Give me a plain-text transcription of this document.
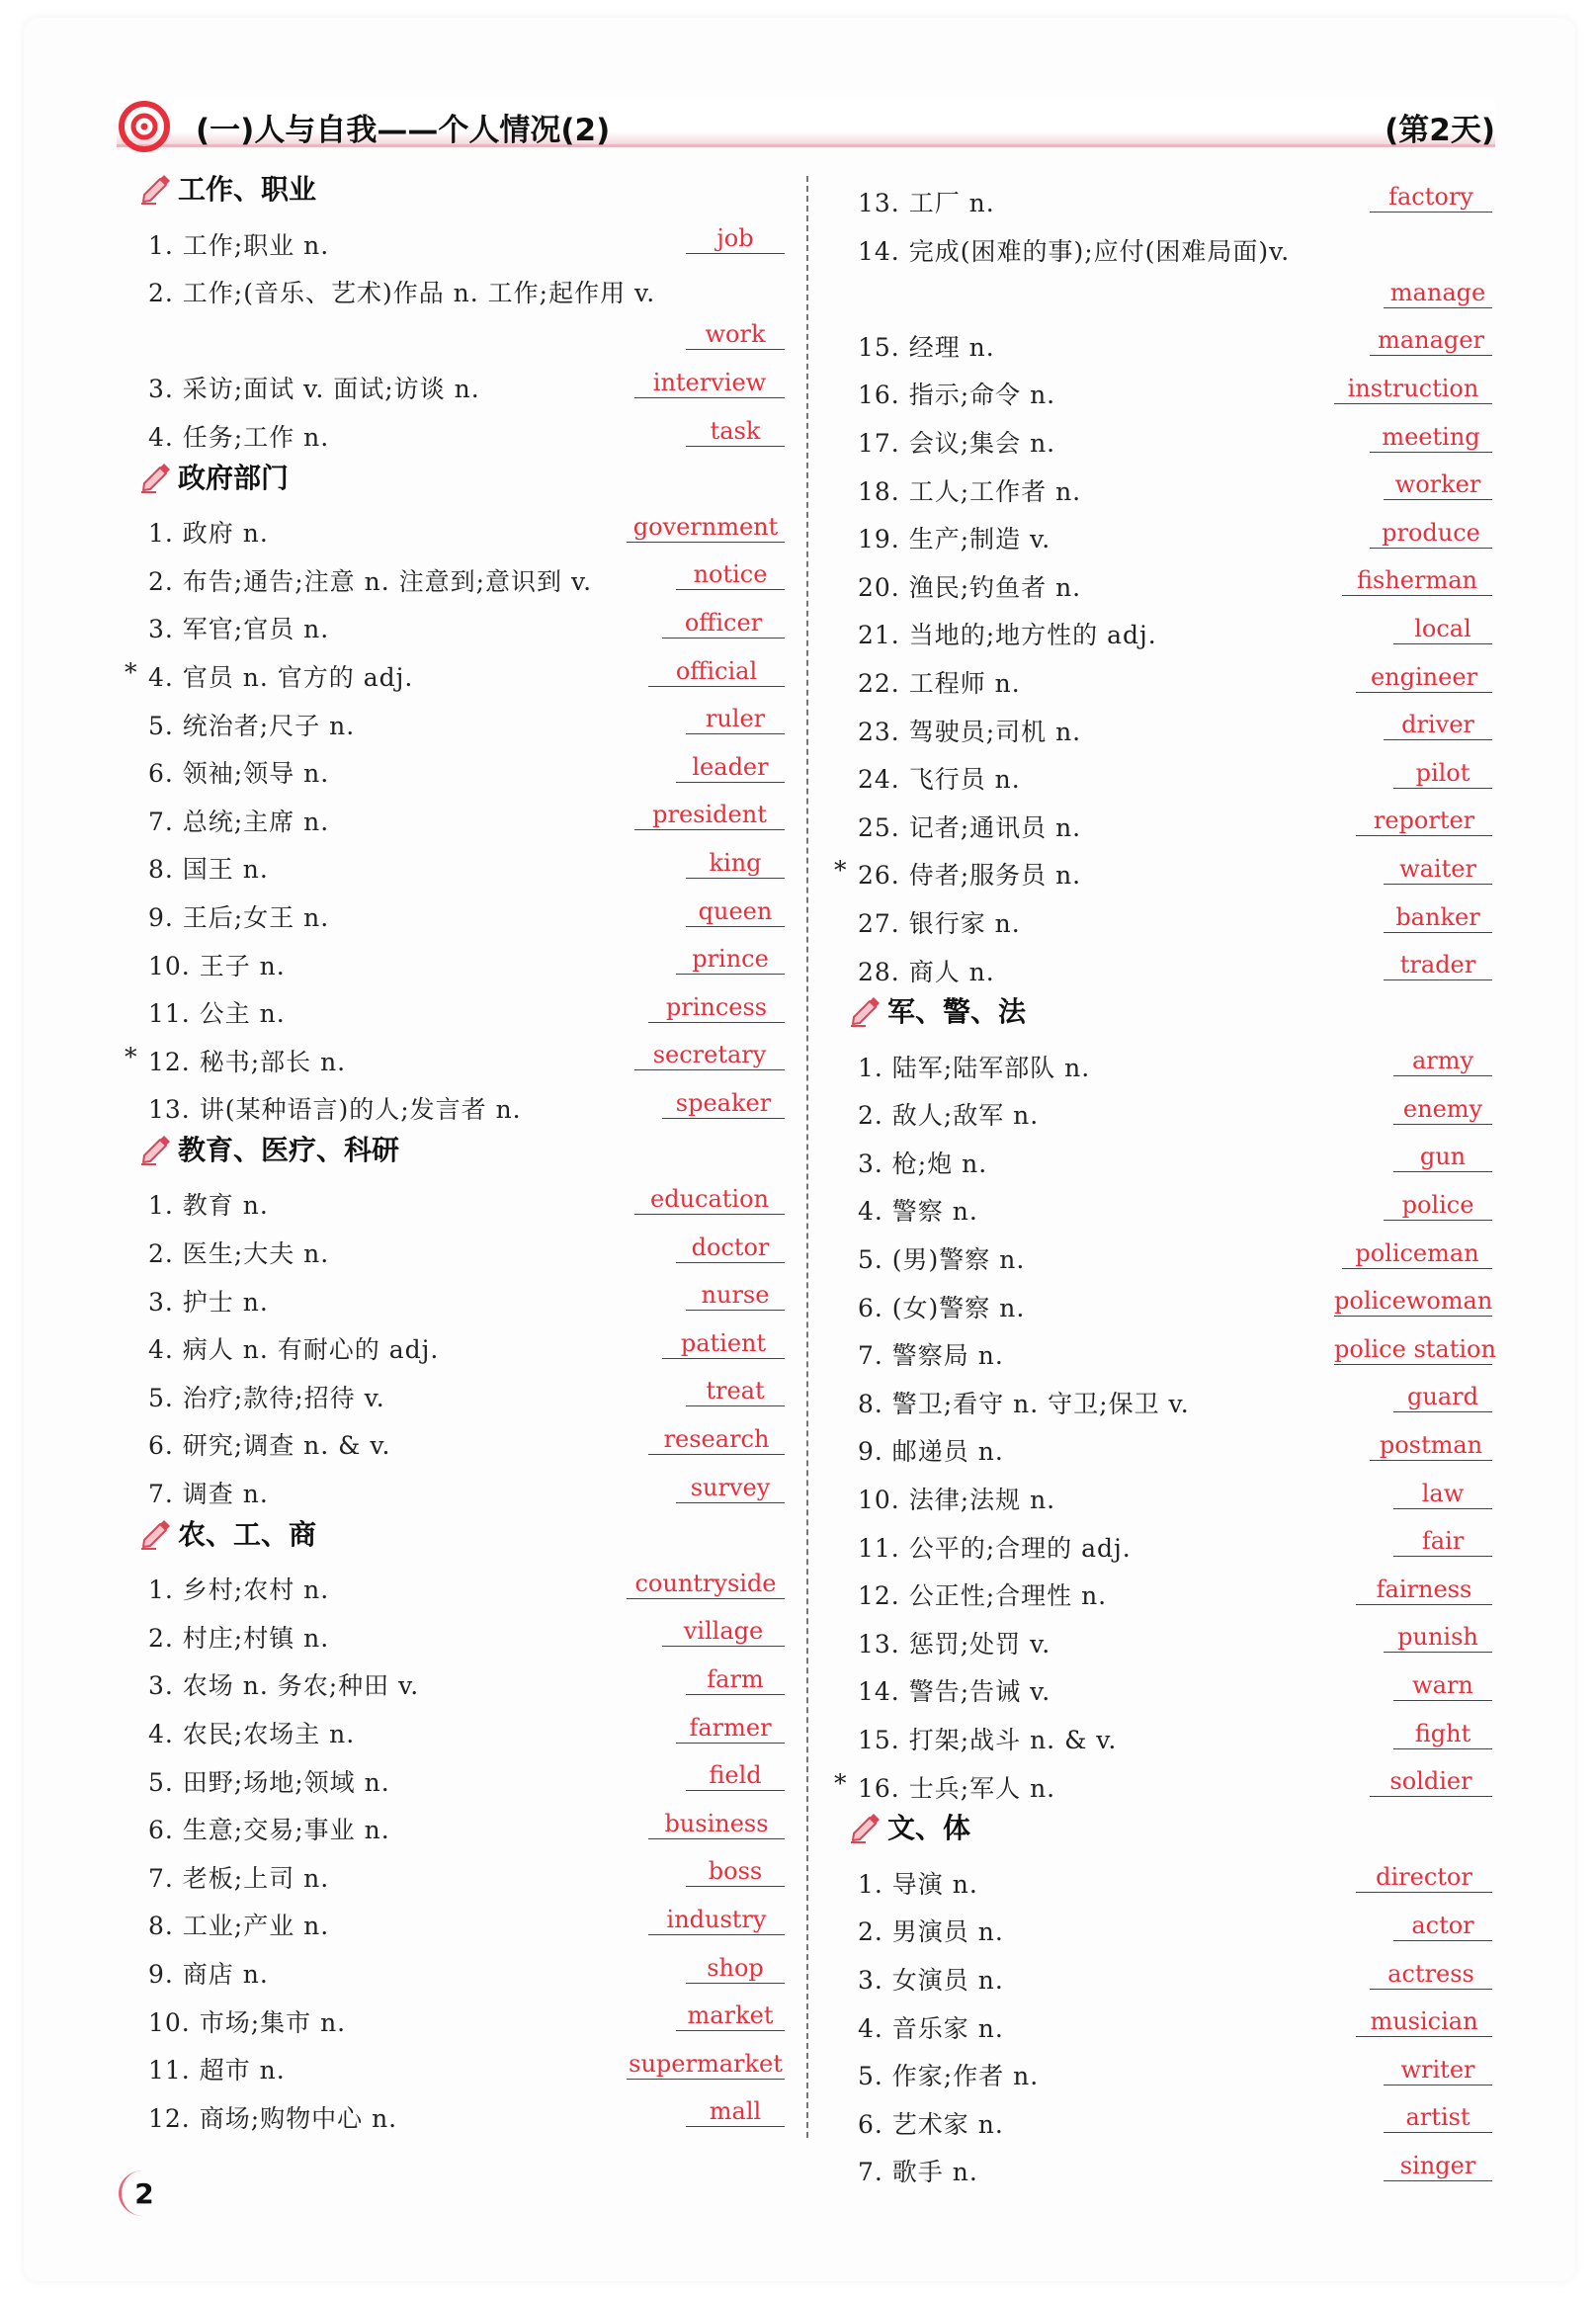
(一)人与自我——个人情况(2)	(第2天)
工作、职业
1. 工作;职业 n.	job
2. 工作;(音乐、艺术)作品 n. 工作;起作用 v.
work
3. 采访;面试 v. 面试;访谈 n.	interview
4. 任务;工作 n.	task
政府部门
1. 政府 n.	government
2. 布告;通告;注意 n. 注意到;意识到 v.	notice
3. 军官;官员 n.	officer
* 4. 官员 n. 官方的 adj.	official
5. 统治者;尺子 n.	ruler
6. 领袖;领导 n.	leader
7. 总统;主席 n.	president
8. 国王 n.	king
9. 王后;女王 n.	queen
10. 王子 n.	prince
11. 公主 n.	princess
* 12. 秘书;部长 n.	secretary
13. 讲(某种语言)的人;发言者 n.	speaker
教育、医疗、科研
1. 教育 n.	education
2. 医生;大夫 n.	doctor
3. 护士 n.	nurse
4. 病人 n. 有耐心的 adj.	patient
5. 治疗;款待;招待 v.	treat
6. 研究;调查 n. & v.	research
7. 调查 n.	survey
农、工、商
1. 乡村;农村 n.	countryside
2. 村庄;村镇 n.	village
3. 农场 n. 务农;种田 v.	farm
4. 农民;农场主 n.	farmer
5. 田野;场地;领域 n.	field
6. 生意;交易;事业 n.	business
7. 老板;上司 n.	boss
8. 工业;产业 n.	industry
9. 商店 n.	shop
10. 市场;集市 n.	market
11. 超市 n.	supermarket
12. 商场;购物中心 n.	mall
13. 工厂 n.	factory
14. 完成(困难的事);应付(困难局面)v.
manage
15. 经理 n.	manager
16. 指示;命令 n.	instruction
17. 会议;集会 n.	meeting
18. 工人;工作者 n.	worker
19. 生产;制造 v.	produce
20. 渔民;钓鱼者 n.	fisherman
21. 当地的;地方性的 adj.	local
22. 工程师 n.	engineer
23. 驾驶员;司机 n.	driver
24. 飞行员 n.	pilot
25. 记者;通讯员 n.	reporter
* 26. 侍者;服务员 n.	waiter
27. 银行家 n.	banker
28. 商人 n.	trader
军、警、法
1. 陆军;陆军部队 n.	army
2. 敌人;敌军 n.	enemy
3. 枪;炮 n.	gun
4. 警察 n.	police
5. (男)警察 n.	policeman
6. (女)警察 n.	policewoman
7. 警察局 n.	police station
8. 警卫;看守 n. 守卫;保卫 v.	guard
9. 邮递员 n.	postman
10. 法律;法规 n.	law
11. 公平的;合理的 adj.	fair
12. 公正性;合理性 n.	fairness
13. 惩罚;处罚 v.	punish
14. 警告;告诫 v.	warn
15. 打架;战斗 n. & v.	fight
* 16. 士兵;军人 n.	soldier
文、体
1. 导演 n.	director
2. 男演员 n.	actor
3. 女演员 n.	actress
4. 音乐家 n.	musician
5. 作家;作者 n.	writer
6. 艺术家 n.	artist
7. 歌手 n.	singer
2
